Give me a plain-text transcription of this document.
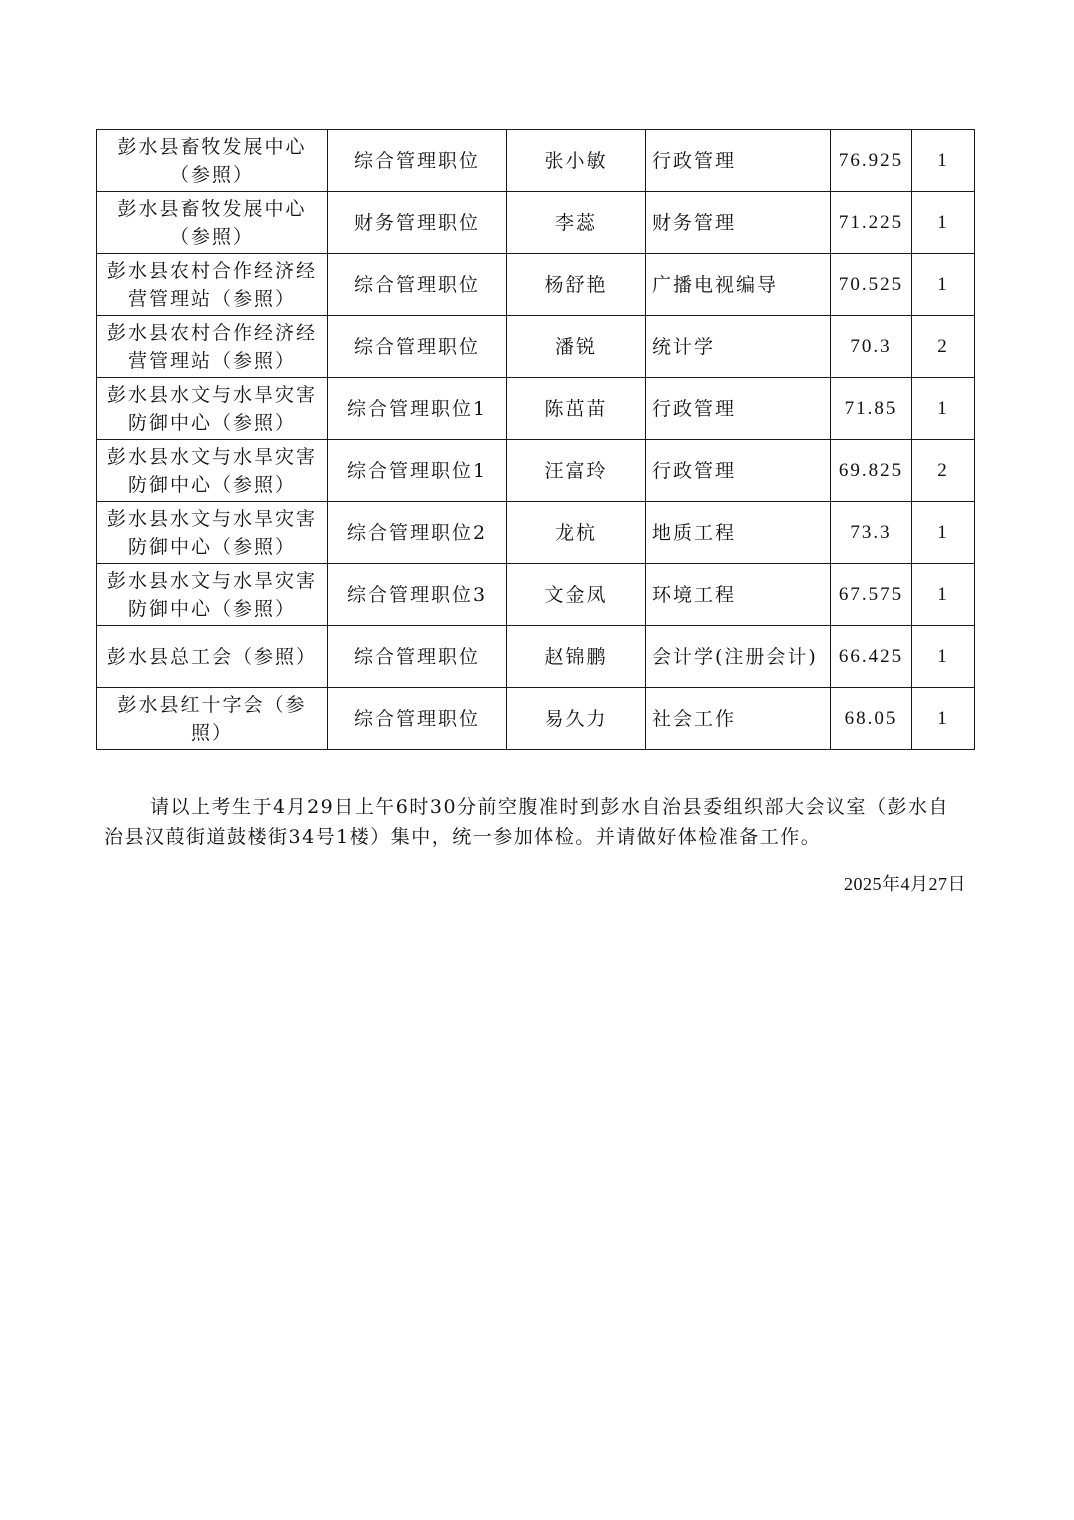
彭水县畜牧发展中心（参照）	综合管理职位	张小敏	行政管理	76.925	1
彭水县畜牧发展中心（参照）	财务管理职位	李蕊	财务管理	71.225	1
彭水县农村合作经济经营管理站（参照）	综合管理职位	杨舒艳	广播电视编导	70.525	1
彭水县农村合作经济经营管理站（参照）	综合管理职位	潘锐	统计学	70.3	2
彭水县水文与水旱灾害防御中心（参照）	综合管理职位1	陈茁苗	行政管理	71.85	1
彭水县水文与水旱灾害防御中心（参照）	综合管理职位1	汪富玲	行政管理	69.825	2
彭水县水文与水旱灾害防御中心（参照）	综合管理职位2	龙杭	地质工程	73.3	1
彭水县水文与水旱灾害防御中心（参照）	综合管理职位3	文金凤	环境工程	67.575	1
彭水县总工会（参照）	综合管理职位	赵锦鹏	会计学(注册会计)	66.425	1
彭水县红十字会（参照）	综合管理职位	易久力	社会工作	68.05	1

请以上考生于4月29日上午6时30分前空腹准时到彭水自治县委组织部大会议室（彭水自治县汉葭街道鼓楼街34号1楼）集中，统一参加体检。并请做好体检准备工作。

2025年4月27日
